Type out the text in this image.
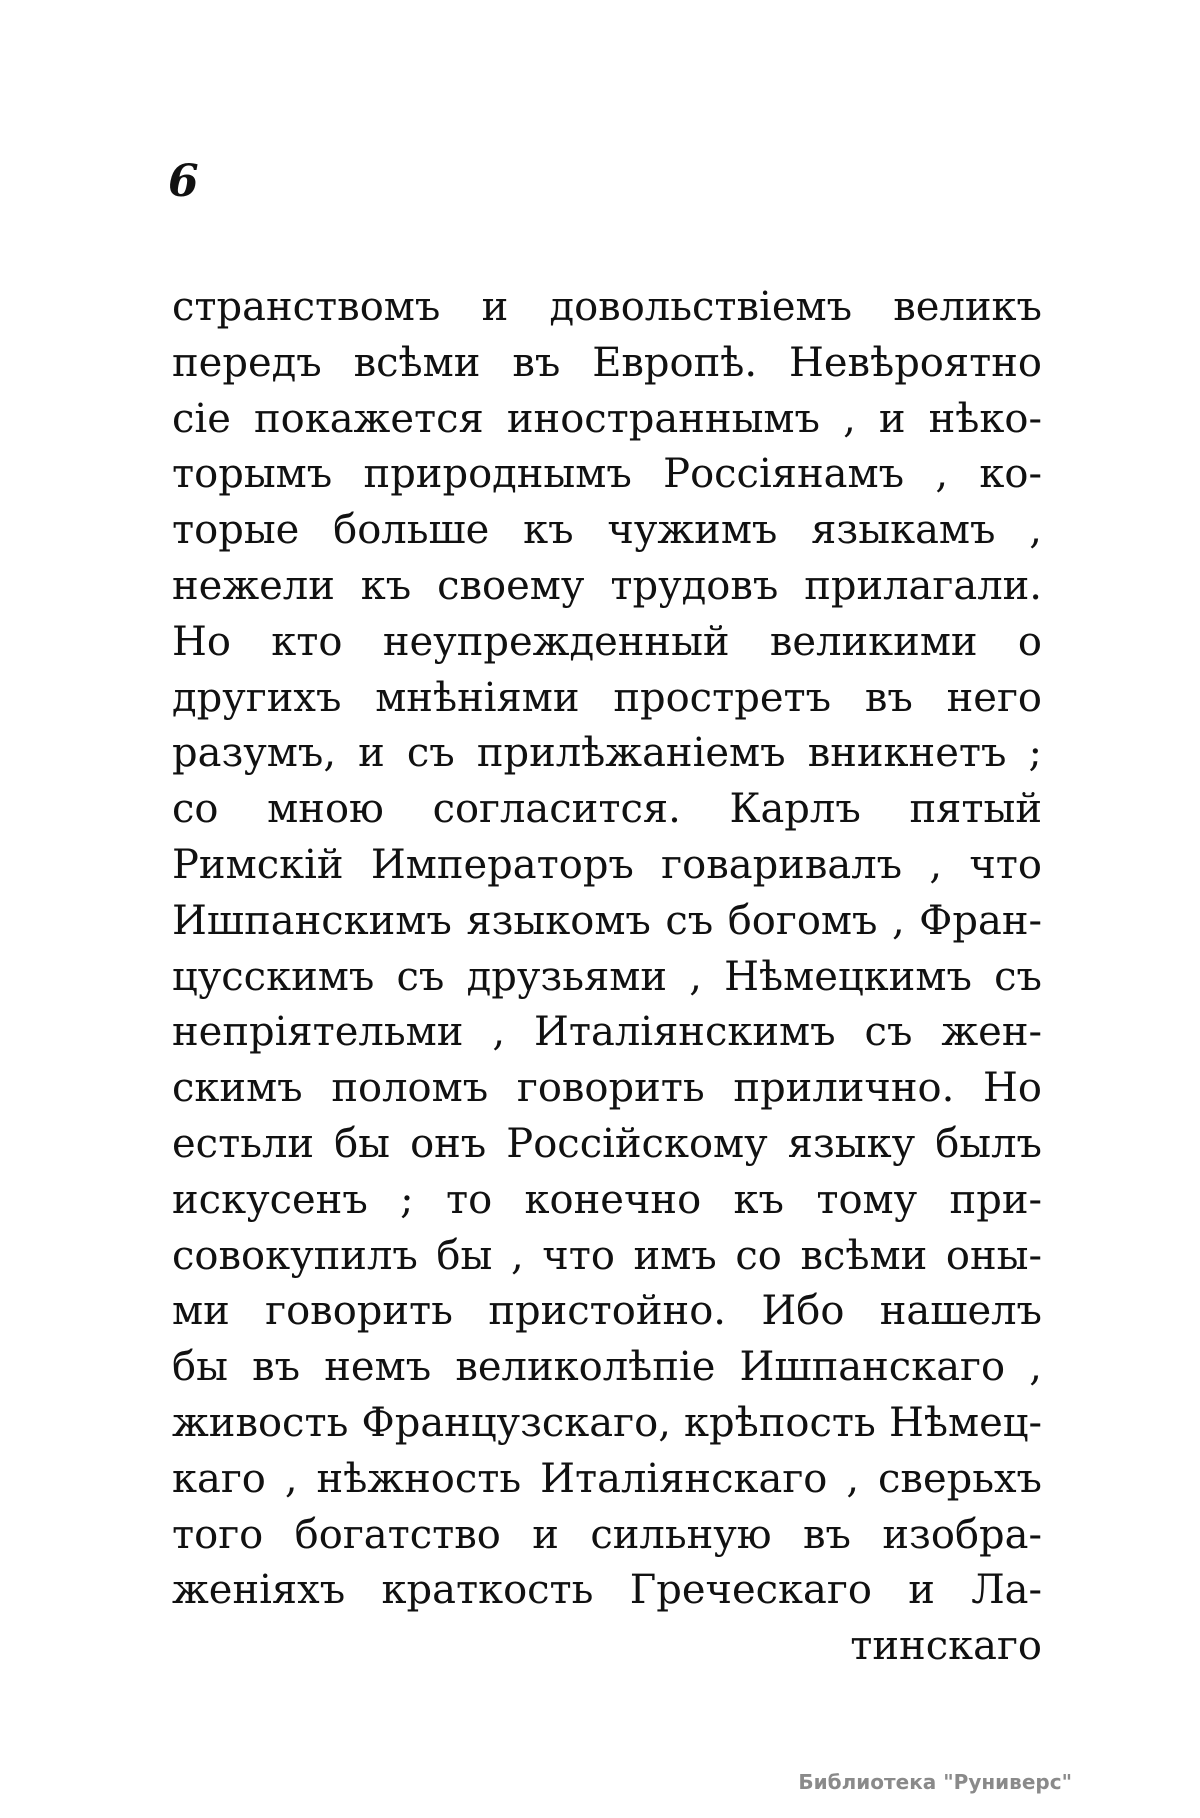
6
странствомъ и довольствіемъ великъ
передъ всѣми въ Европѣ. Невѣроятно
сіе покажется иностраннымъ , и нѣко-
торымъ природнымъ Россіянамъ , ко-
торые больше къ чужимъ языкамъ ,
нежели къ своему трудовъ прилагали.
Но кто неупрежденный великими о
другихъ мнѣніями простретъ въ него
разумъ, и съ прилѣжаніемъ вникнетъ ;
со мною согласится. Карлъ пятый
Римскій Императоръ говаривалъ , что
Ишпанскимъ языкомъ съ богомъ , Фран-
цусскимъ съ друзьями , Нѣмецкимъ съ
непріятельми , Италіянскимъ съ жен-
скимъ поломъ говорить прилично. Но
естьли бы онъ Россійскому языку былъ
искусенъ ; то конечно къ тому при-
совокупилъ бы , что имъ со всѣми оны-
ми говорить пристойно. Ибо нашелъ
бы въ немъ великолѣпіе Ишпанскаго ,
живость Французскаго, крѣпость Нѣмец-
каго , нѣжность Италіянскаго , сверьхъ
того богатство и сильную въ изобра-
женіяхъ краткость Греческаго и Ла-
тинскаго
Библиотека "Руниверс"
